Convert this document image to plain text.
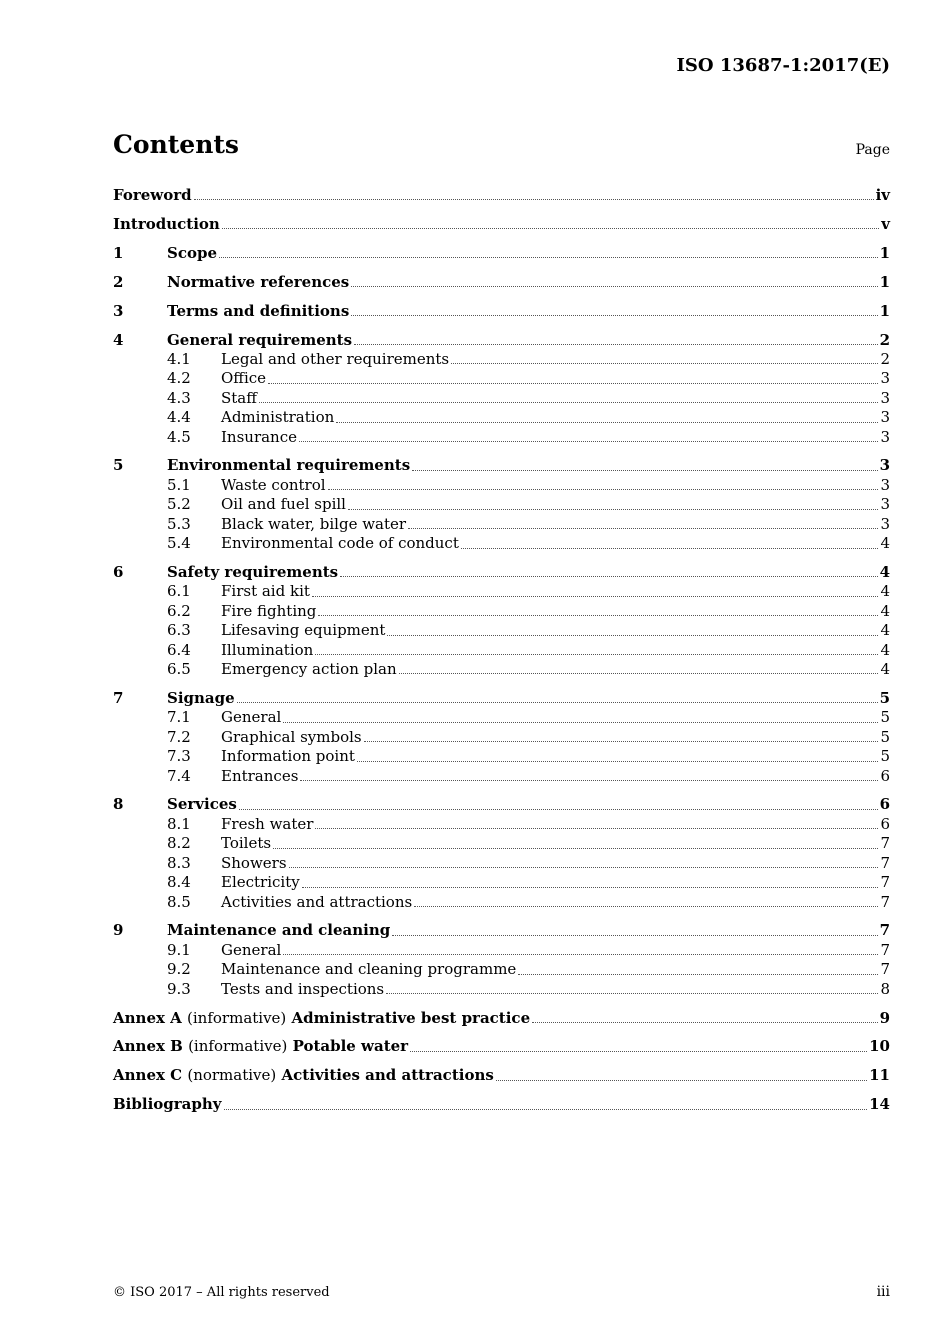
ISO 13687-1:2017(E)
Contents	Page
Foreword	iv
Introduction	v
1	Scope	1
2	Normative references	1
3	Terms and definitions	1
4	General requirements	2
4.1	Legal and other requirements	2
4.2	Office	3
4.3	Staff	3
4.4	Administration	3
4.5	Insurance	3
5	Environmental requirements	3
5.1	Waste control	3
5.2	Oil and fuel spill	3
5.3	Black water, bilge water	3
5.4	Environmental code of conduct	4
6	Safety requirements	4
6.1	First aid kit	4
6.2	Fire fighting	4
6.3	Lifesaving equipment	4
6.4	Illumination	4
6.5	Emergency action plan	4
7	Signage	5
7.1	General	5
7.2	Graphical symbols	5
7.3	Information point	5
7.4	Entrances	6
8	Services	6
8.1	Fresh water	6
8.2	Toilets	7
8.3	Showers	7
8.4	Electricity	7
8.5	Activities and attractions	7
9	Maintenance and cleaning	7
9.1	General	7
9.2	Maintenance and cleaning programme	7
9.3	Tests and inspections	8
Annex A (informative) Administrative best practice	9
Annex B (informative) Potable water	10
Annex C (normative) Activities and attractions	11
Bibliography	14
© ISO 2017 – All rights reserved	iii
